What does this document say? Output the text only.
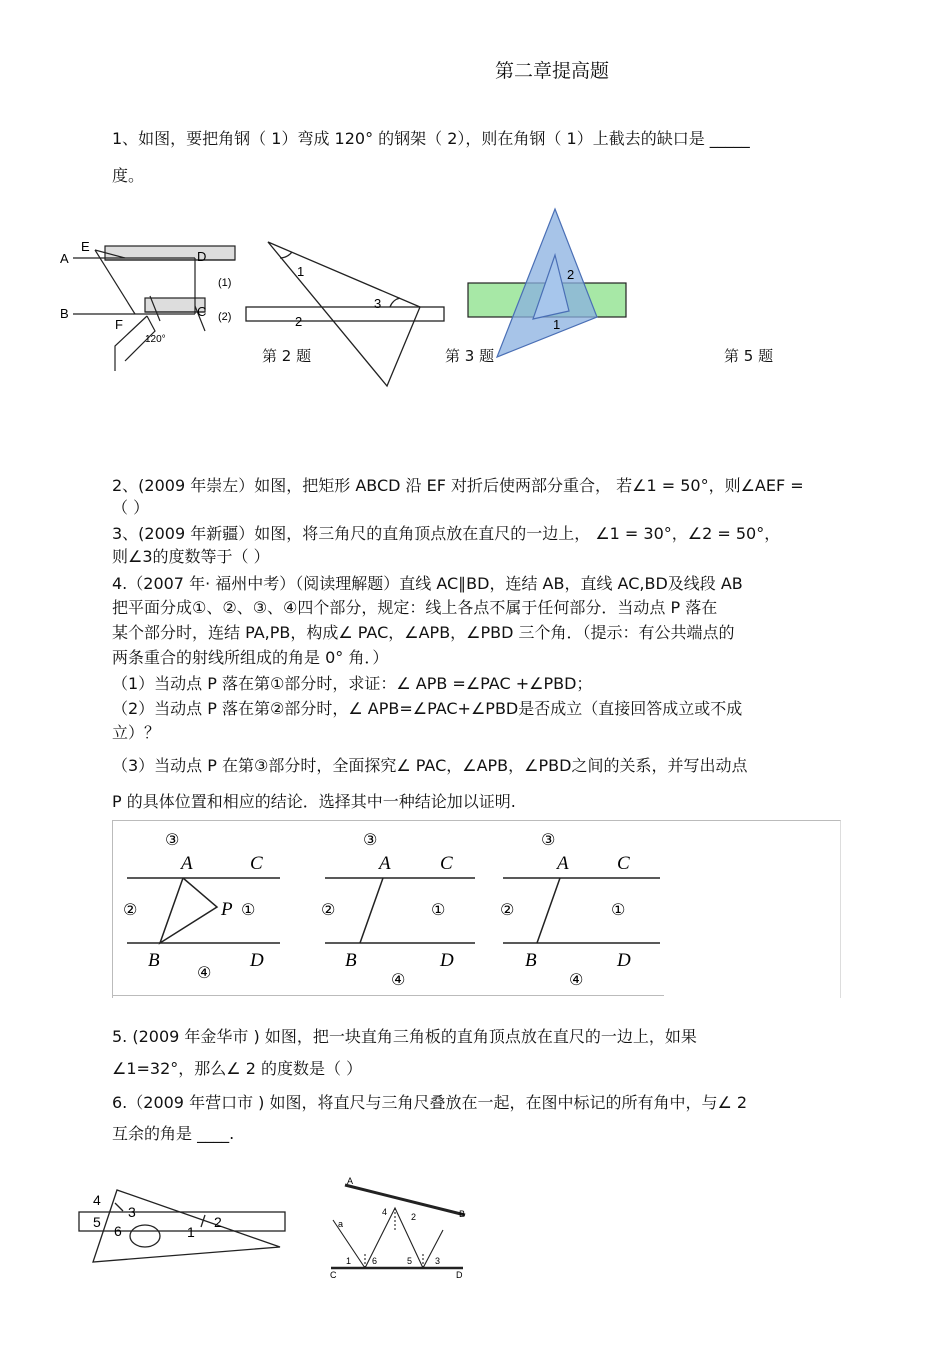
第二章提高题
1、如图，要把角钢（ 1）弯成 120° 的钢架（ 2），则在角钢（ 1）上截去的缺口是 _____
度。
A
E
D
B	C
F
(1)
(2)
120°
1
2
3
第 2 题
2
1
第 3 题	第 5 题
2、(2009 年崇左）如图，把矩形 ABCD 沿 EF 对折后使两部分重合， 若∠1 = 50°，则∠AEF =
（ ）
3、(2009 年新疆）如图，将三角尺的直角顶点放在直尺的一边上， ∠1 = 30°，∠2 = 50°，
则∠3的度数等于（ ）
4.（2007 年· 福州中考）（阅读理解题）直线 AC∥BD，连结 AB，直线 AC,BD及线段 AB
把平面分成①、②、③、④四个部分，规定：线上各点不属于任何部分．当动点 P 落在
某个部分时，连结 PA,PB，构成∠ PAC，∠APB，∠PBD 三个角．（提示：有公共端点的
两条重合的射线所组成的角是 0° 角．）
（1）当动点 P 落在第①部分时，求证：∠ APB =∠PAC +∠PBD；
（2）当动点 P 落在第②部分时，∠ APB=∠PAC+∠PBD是否成立（直接回答成立或不成
立）？
（3）当动点 P 在第③部分时，全面探究∠ PAC，∠APB，∠PBD之间的关系，并写出动点
P 的具体位置和相应的结论．选择其中一种结论加以证明.
③
A	C
②	P ①
B	D
④
③
A	C
②	①
B	D
④
③
A	C
②	①
B	D
④
5. (2009 年金华市 ) 如图，把一块直角三角板的直角顶点放在直尺的一边上，如果
∠1=32°，那么∠ 2 的度数是（ ）
6.（2009 年营口市 ) 如图，将直尺与三角尺叠放在一起，在图中标记的所有角中，与∠ 2
互余的角是 ____.
4
3
5
6	1
2
A
B
C	D
a
4	2
1 6	5	3
